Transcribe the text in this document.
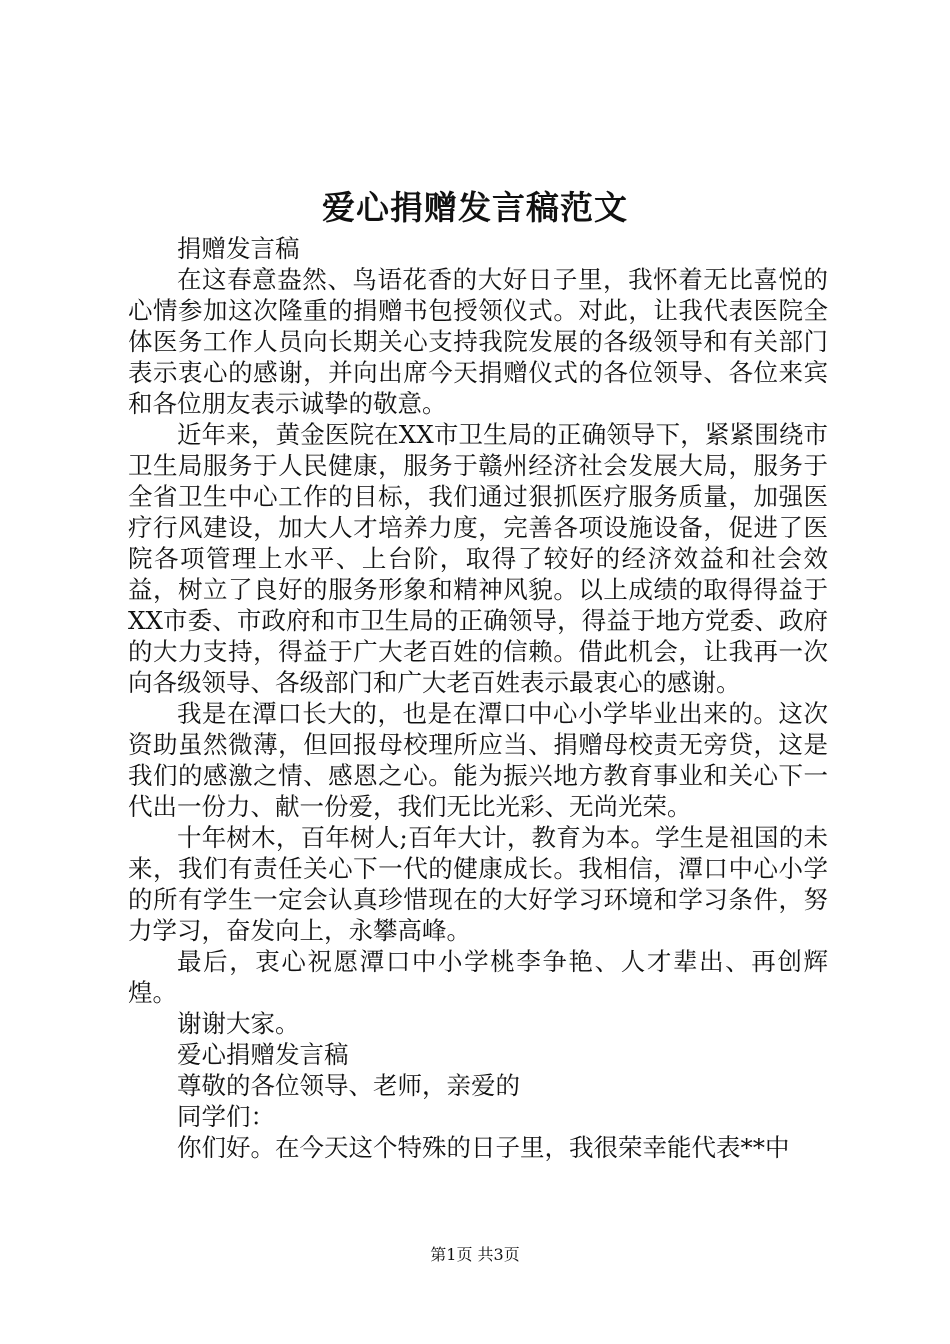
爱心捐赠发言稿范文

捐赠发言稿

在这春意盎然、鸟语花香的大好日子里，我怀着无比喜悦的心情参加这次隆重的捐赠书包授领仪式。对此，让我代表医院全体医务工作人员向长期关心支持我院发展的各级领导和有关部门表示衷心的感谢，并向出席今天捐赠仪式的各位领导、各位来宾和各位朋友表示诚挚的敬意。

近年来，黄金医院在XX市卫生局的正确领导下，紧紧围绕市卫生局服务于人民健康，服务于赣州经济社会发展大局，服务于全省卫生中心工作的目标，我们通过狠抓医疗服务质量，加强医疗行风建设，加大人才培养力度，完善各项设施设备，促进了医院各项管理上水平、上台阶，取得了较好的经济效益和社会效益，树立了良好的服务形象和精神风貌。以上成绩的取得得益于XX市委、市政府和市卫生局的正确领导，得益于地方党委、政府的大力支持，得益于广大老百姓的信赖。借此机会，让我再一次向各级领导、各级部门和广大老百姓表示最衷心的感谢。

我是在潭口长大的，也是在潭口中心小学毕业出来的。这次资助虽然微薄，但回报母校理所应当、捐赠母校责无旁贷，这是我们的感激之情、感恩之心。能为振兴地方教育事业和关心下一代出一份力、献一份爱，我们无比光彩、无尚光荣。

十年树木，百年树人;百年大计，教育为本。学生是祖国的未来，我们有责任关心下一代的健康成长。我相信，潭口中心小学的所有学生一定会认真珍惜现在的大好学习环境和学习条件，努力学习，奋发向上，永攀高峰。

最后，衷心祝愿潭口中小学桃李争艳、人才辈出、再创辉煌。

谢谢大家。

爱心捐赠发言稿

尊敬的各位领导、老师，亲爱的

同学们：

你们好。在今天这个特殊的日子里，我很荣幸能代表**中

第1页 共3页
